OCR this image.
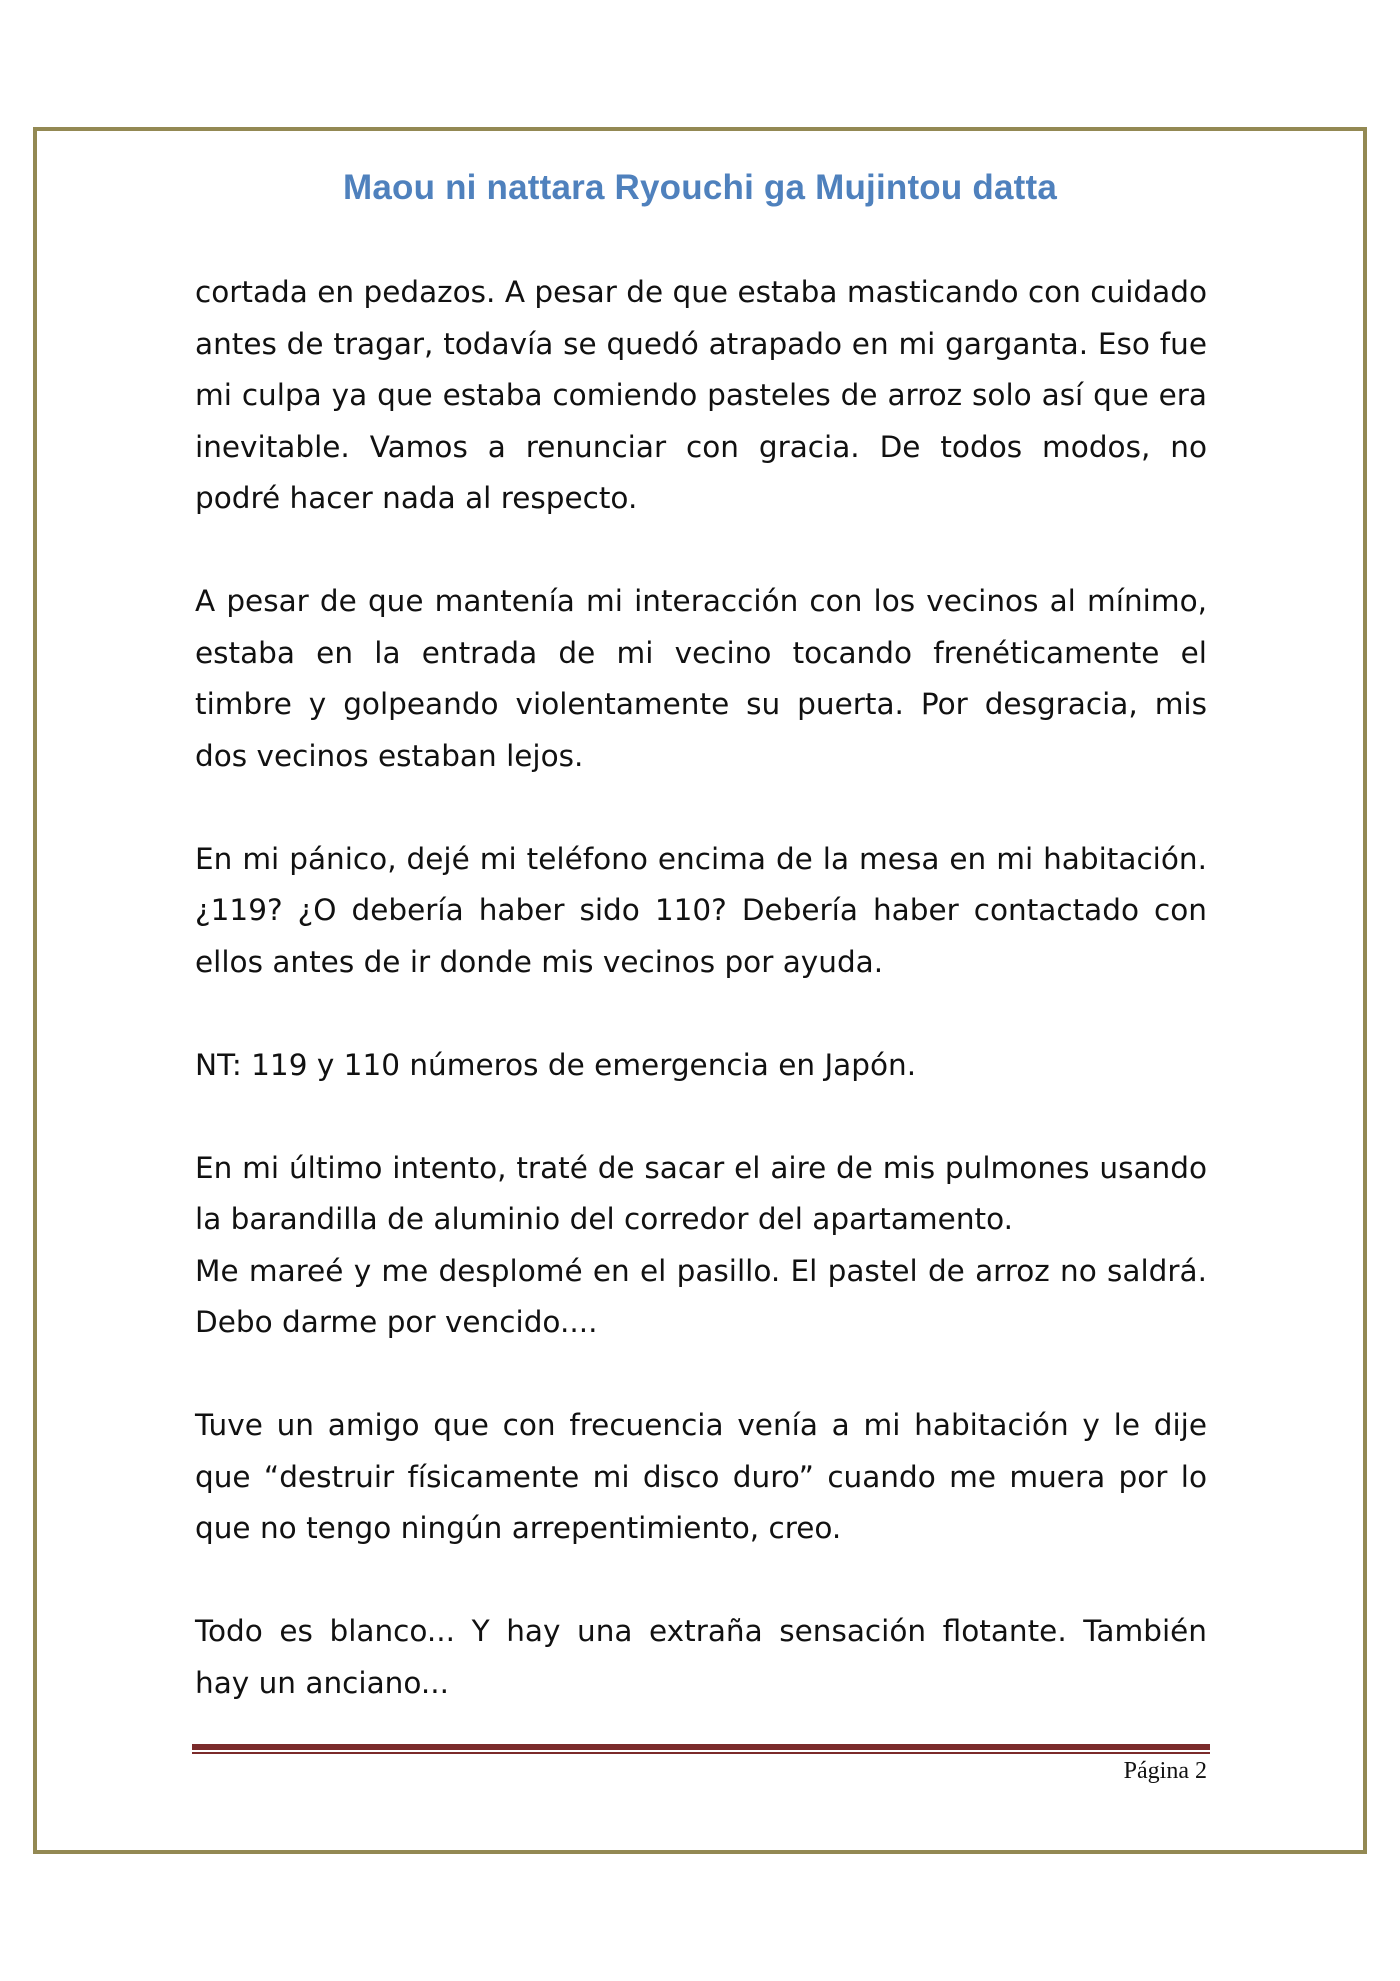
Maou ni nattara Ryouchi ga Mujintou datta

cortada en pedazos. A pesar de que estaba masticando con cuidado
antes de tragar, todavía se quedó atrapado en mi garganta. Eso fue
mi culpa ya que estaba comiendo pasteles de arroz solo así que era
inevitable. Vamos a renunciar con gracia. De todos modos, no
podré hacer nada al respecto.

A pesar de que mantenía mi interacción con los vecinos al mínimo,
estaba en la entrada de mi vecino tocando frenéticamente el
timbre y golpeando violentamente su puerta. Por desgracia, mis
dos vecinos estaban lejos.

En mi pánico, dejé mi teléfono encima de la mesa en mi habitación.
¿119? ¿O debería haber sido 110? Debería haber contactado con
ellos antes de ir donde mis vecinos por ayuda.

NT: 119 y 110 números de emergencia en Japón.

En mi último intento, traté de sacar el aire de mis pulmones usando
la barandilla de aluminio del corredor del apartamento.
Me mareé y me desplomé en el pasillo. El pastel de arroz no saldrá.
Debo darme por vencido....

Tuve un amigo que con frecuencia venía a mi habitación y le dije
que “destruir físicamente mi disco duro” cuando me muera por lo
que no tengo ningún arrepentimiento, creo.

Todo es blanco... Y hay una extraña sensación flotante. También
hay un anciano...

Página 2
